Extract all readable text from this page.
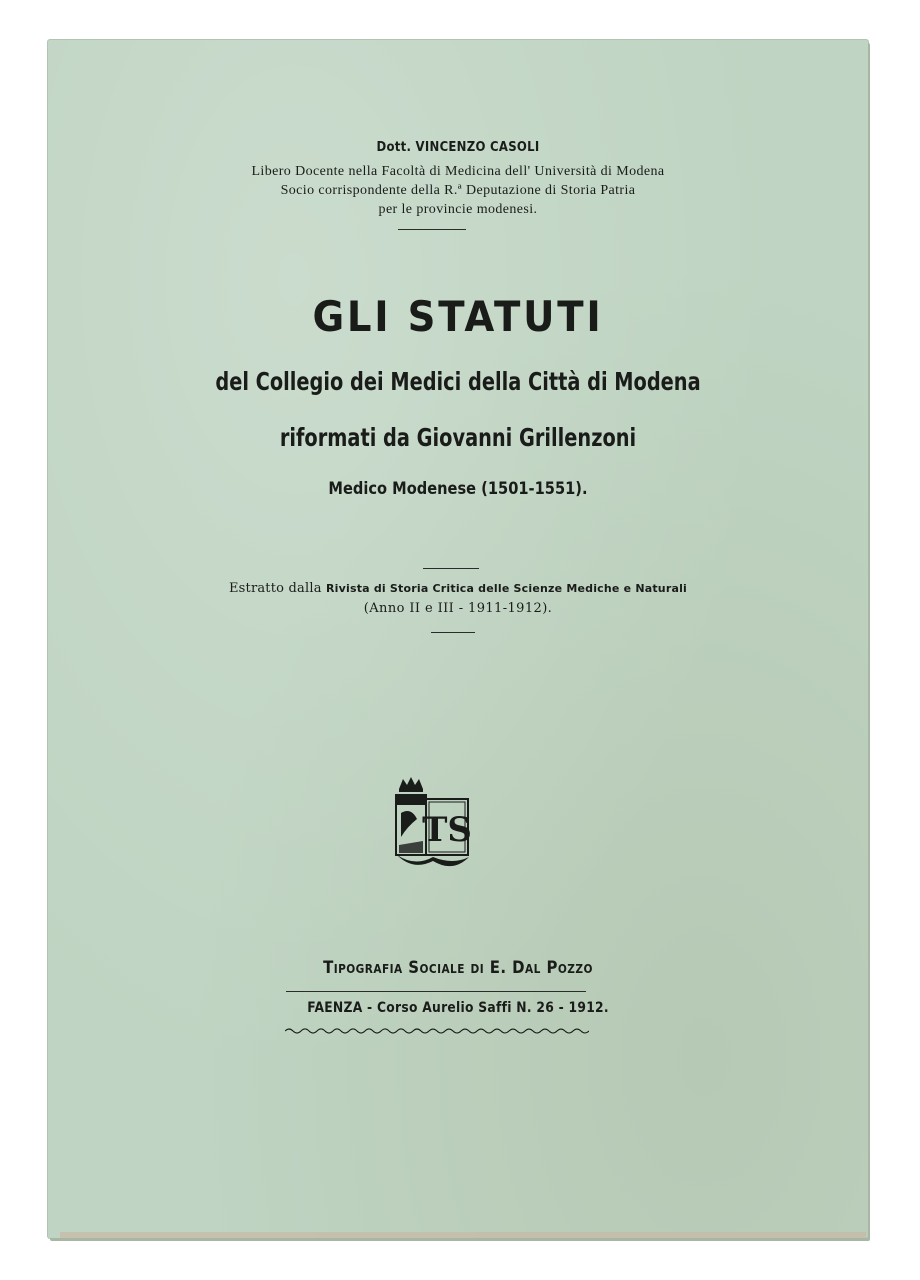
Dott. VINCENZO CASOLI
Libero Docente nella Facoltà di Medicina dell' Università di Modena
Socio corrispondente della R.ª Deputazione di Storia Patria
per le provincie modenesi.
GLI STATUTI
del Collegio dei Medici della Città di Modena
riformati da Giovanni Grillenzoni
Medico Modenese (1501-1551).
Estratto dalla Rivista di Storia Critica delle Scienze Mediche e Naturali
(Anno II e III - 1911-1912).
TS
Tipografia Sociale di E. Dal Pozzo
FAENZA - Corso Aurelio Saffi N. 26 - 1912.
